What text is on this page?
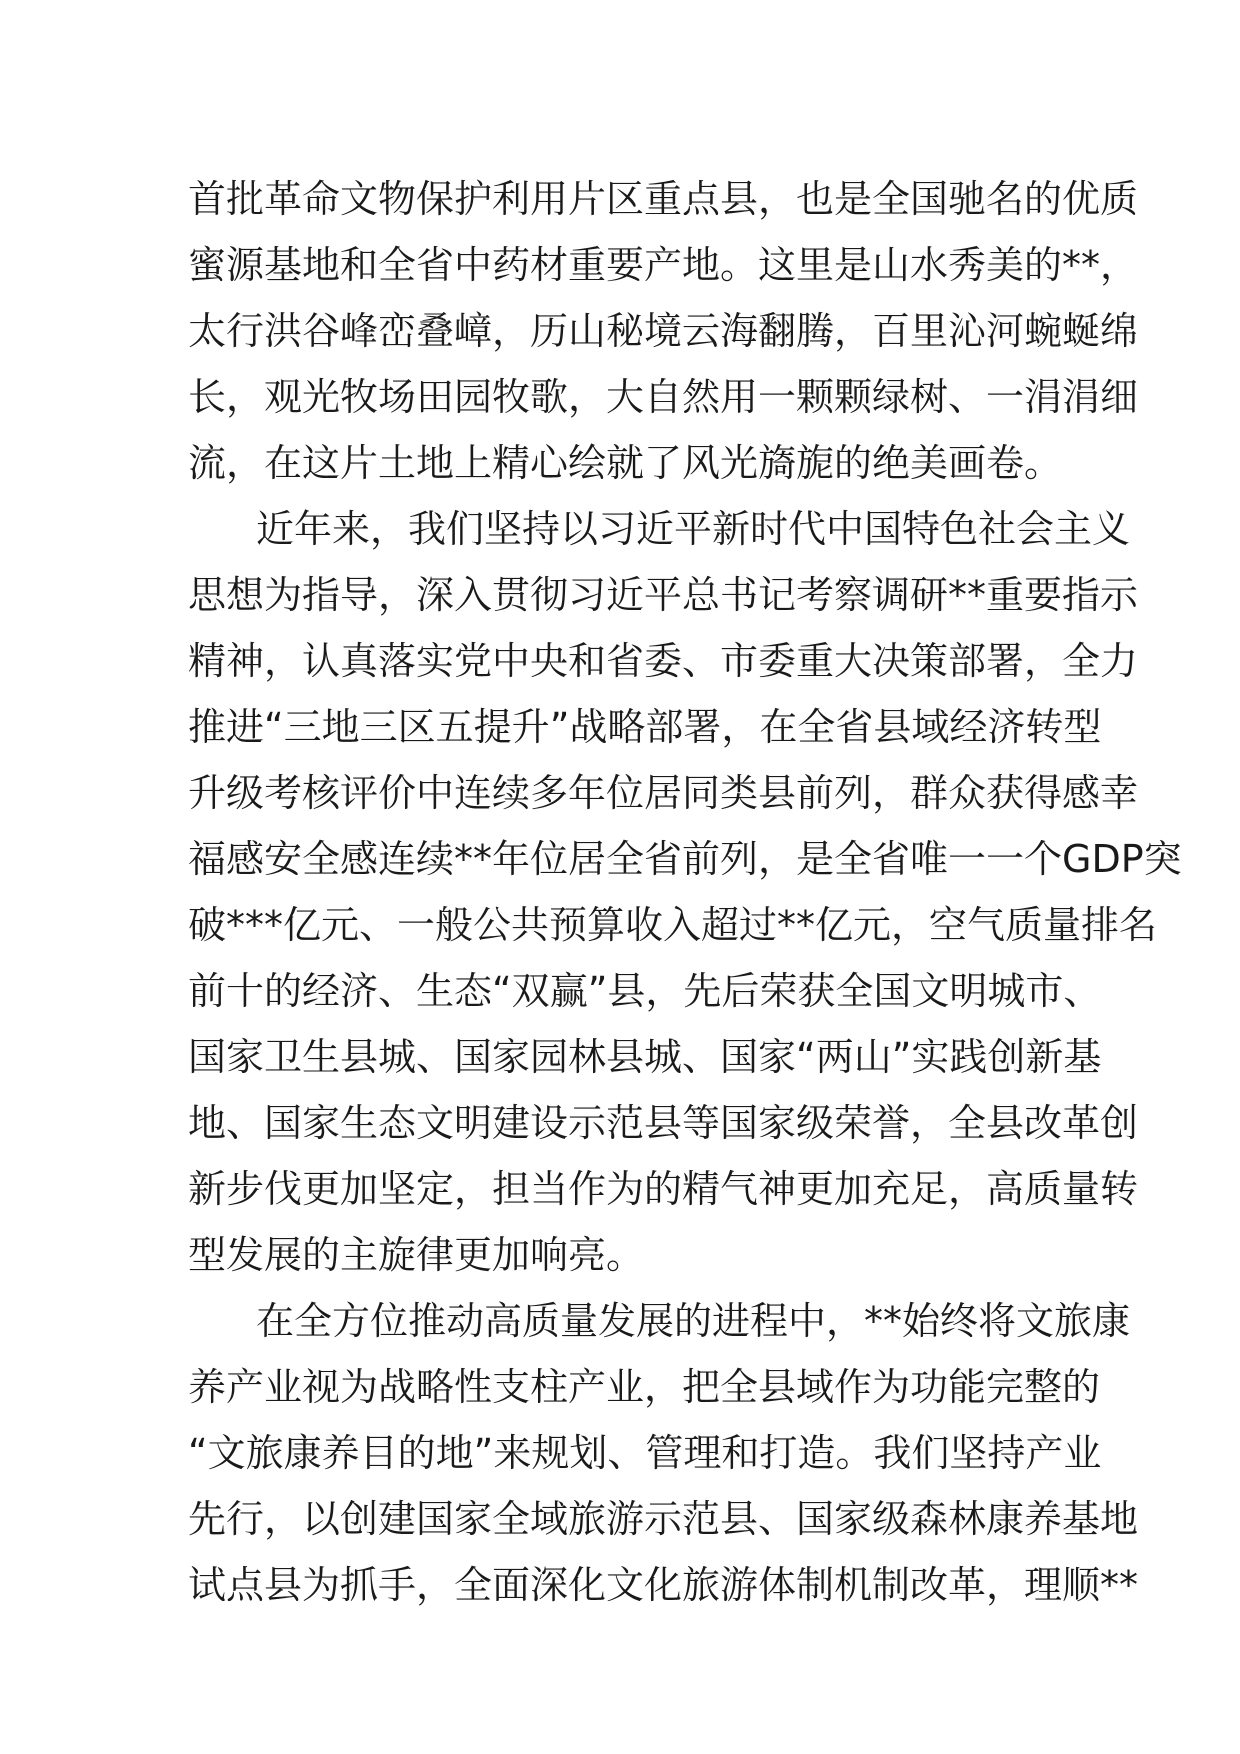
首批革命文物保护利用片区重点县，也是全国驰名的优质
蜜源基地和全省中药材重要产地。这里是山水秀美的**，
太行洪谷峰峦叠嶂，历山秘境云海翻腾，百里沁河蜿蜒绵
长，观光牧场田园牧歌，大自然用一颗颗绿树、一涓涓细
流，在这片土地上精心绘就了风光旖旎的绝美画卷。
近年来，我们坚持以习近平新时代中国特色社会主义
思想为指导，深入贯彻习近平总书记考察调研**重要指示
精神，认真落实党中央和省委、市委重大决策部署，全力
推进“三地三区五提升”战略部署，在全省县域经济转型
升级考核评价中连续多年位居同类县前列，群众获得感幸
福感安全感连续**年位居全省前列，是全省唯一一个GDP突
破***亿元、一般公共预算收入超过**亿元，空气质量排名
前十的经济、生态“双赢”县，先后荣获全国文明城市、
国家卫生县城、国家园林县城、国家“两山”实践创新基
地、国家生态文明建设示范县等国家级荣誉，全县改革创
新步伐更加坚定，担当作为的精气神更加充足，高质量转
型发展的主旋律更加响亮。
在全方位推动高质量发展的进程中，**始终将文旅康
养产业视为战略性支柱产业，把全县域作为功能完整的
“文旅康养目的地”来规划、管理和打造。我们坚持产业
先行，以创建国家全域旅游示范县、国家级森林康养基地
试点县为抓手，全面深化文化旅游体制机制改革，理顺**
